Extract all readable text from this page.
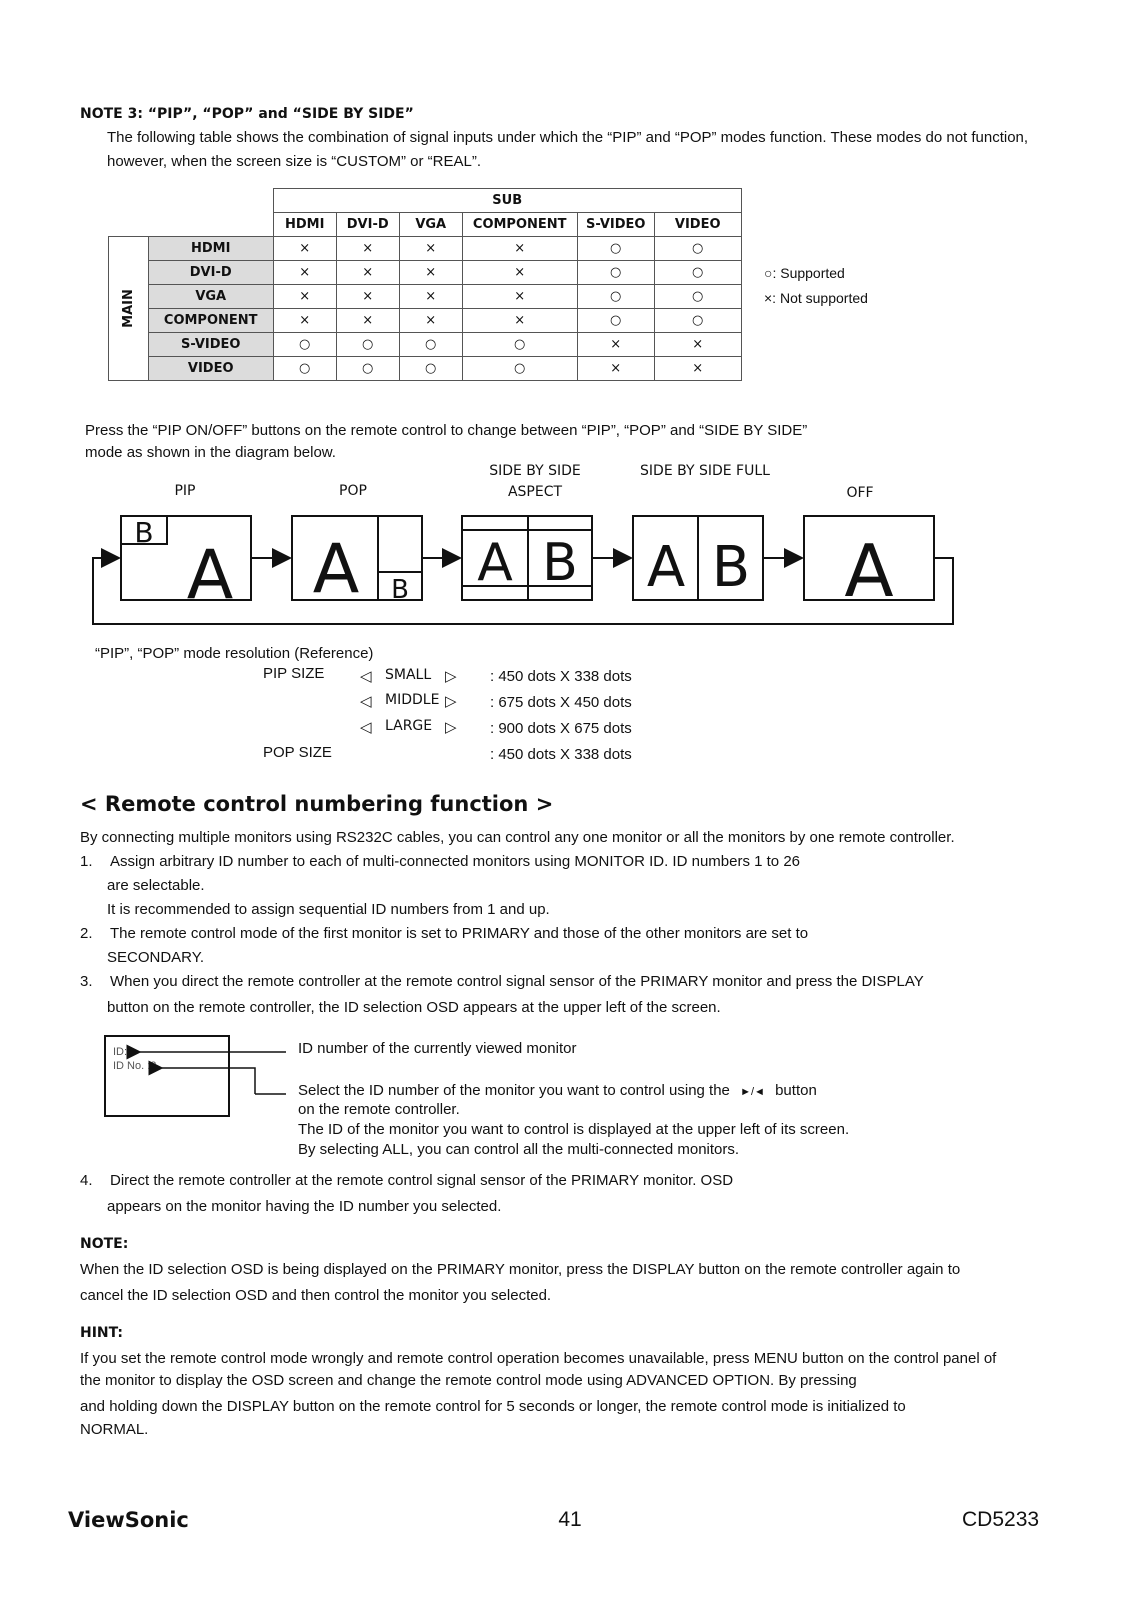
NOTE 3: “PIP”, “POP” and “SIDE BY SIDE”
The following table shows the combination of signal inputs under which the “PIP” and “POP” modes function. These modes do not function, however, when the screen size is “CUSTOM” or “REAL”.
		SUB					
		HDMI	DVI-D	VGA	COMPONENT	S-VIDEO	VIDEO
MAIN	HDMI	×	×	×	×	○	○
	DVI-D	×	×	×	×	○	○
	VGA	×	×	×	×	○	○
	COMPONENT	×	×	×	×	○	○
	S-VIDEO	○	○	○	○	×	×
	VIDEO	○	○	○	○	×	×
○: Supported
×: Not supported
Press the “PIP ON/OFF” buttons on the remote control to change between “PIP”, “POP” and “SIDE BY SIDE” mode as shown in the diagram below.
PIP	POP
SIDE BY SIDE
ASPECT
SIDE BY SIDE FULL
OFF
A
B A B A B A B A
“PIP”, “POP” mode resolution (Reference)
PIP SIZE ◁ SMALL ▷ : 450 dots X 338 dots
◁ MIDDLE ▷ : 675 dots X 450 dots
◁ LARGE ▷ : 900 dots X 675 dots
POP SIZE	: 450 dots X 338 dots
< Remote control numbering function >
By connecting multiple monitors using RS232C cables, you can control any one monitor or all the monitors by one remote controller.
1. Assign arbitrary ID number to each of multi-connected monitors using MONITOR ID. ID numbers 1 to 26
are selectable.
It is recommended to assign sequential ID numbers from 1 and up.
2. The remote control mode of the first monitor is set to PRIMARY and those of the other monitors are set to
SECONDARY.
3. When you direct the remote controller at the remote control signal sensor of the PRIMARY monitor and press the DISPLAY
button on the remote controller, the ID selection OSD appears at the upper left of the screen.
ID:1
ID No. :2
ID number of the currently viewed monitor
Select the ID number of the monitor you want to control using the ►/◄ button
on the remote controller.
The ID of the monitor you want to control is displayed at the upper left of its screen.
By selecting ALL, you can control all the multi-connected monitors.
4. Direct the remote controller at the remote control signal sensor of the PRIMARY monitor. OSD
appears on the monitor having the ID number you selected.
NOTE:
When the ID selection OSD is being displayed on the PRIMARY monitor, press the DISPLAY button on the remote controller again to
cancel the ID selection OSD and then control the monitor you selected.
HINT:
If you set the remote control mode wrongly and remote control operation becomes unavailable, press MENU button on the control panel of
the monitor to display the OSD screen and change the remote control mode using ADVANCED OPTION. By pressing
and holding down the DISPLAY button on the remote control for 5 seconds or longer, the remote control mode is initialized to
NORMAL.
ViewSonic	41	CD5233
